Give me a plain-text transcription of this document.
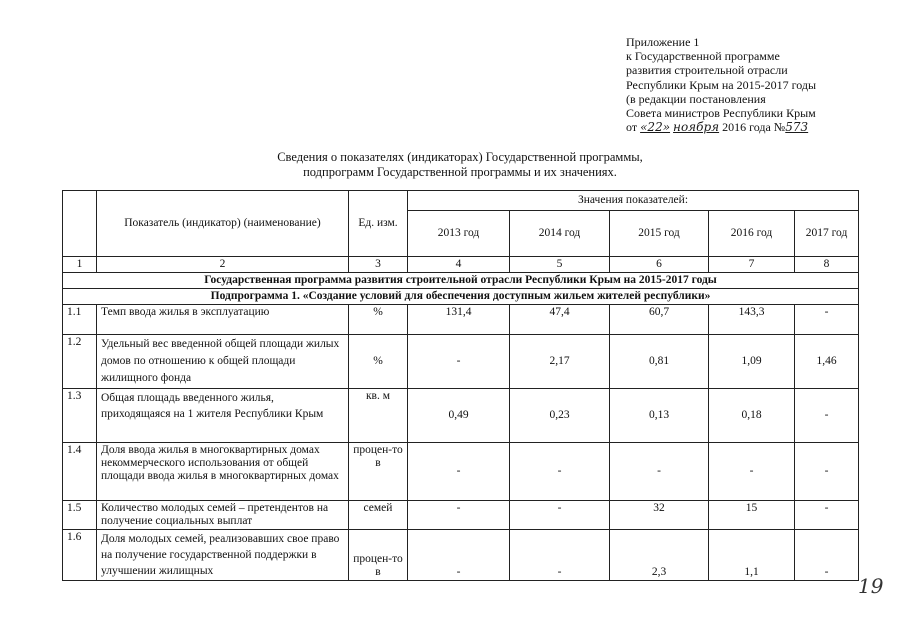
Приложение 1
к Государственной программе
развития строительной отрасли
Республики Крым на 2015-2017 годы
(в редакции постановления
Совета министров Республики Крым
от «22» ноября 2016 года №573
Сведения о показателях (индикаторах) Государственной программы,
подпрограмм Государственной программы и их значениях.
	Показатель (индикатор) (наименование)	Ед. изм.	Значения показателей:				
			2013 год	2014 год	2015 год	2016 год	2017 год
1	2	3	4	5	6	7	8
Государственная программа развития строительной отрасли Республики Крым на 2015-2017 годы							
Подпрограмма 1. «Создание условий для обеспечения доступным жильем жителей республики»							
1.1	Темп ввода жилья в эксплуатацию	%	131,4	47,4	60,7	143,3	-
1.2	Удельный вес введенной общей площади жилых домов по отношению к общей площади жилищного фонда	%	-	2,17	0,81	1,09	1,46
1.3	Общая площадь введенного жилья, приходящаяся на 1 жителя Республики Крым	кв. м	0,49	0,23	0,13	0,18	-
1.4	Доля ввода жилья в многоквартирных домах некоммерческого использования от общей площади ввода жилья в многоквартирных домах	процен-тов	-	-	-	-	-
1.5	Количество молодых семей – претендентов на получение социальных выплат	семей	-	-	32	15	-
1.6	Доля молодых семей, реализовавших свое право на получение государственной поддержки в улучшении жилищных	процен-тов	-	-	2,3	1,1	-
19
